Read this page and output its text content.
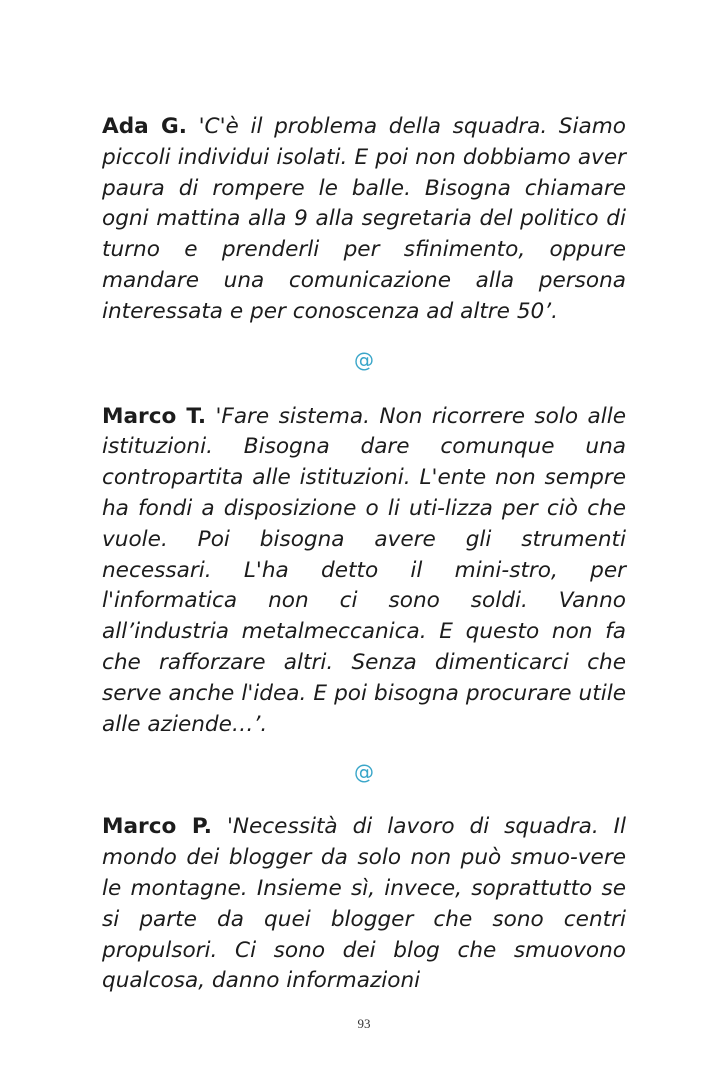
Ada G. 'C'è il problema della squadra. Siamo piccoli individui isolati. E poi non dobbiamo aver paura di rompere le balle. Bisogna chiamare ogni mattina alla 9 alla segretaria del politico di turno e prenderli per sfinimento, oppure mandare una comunicazione alla persona interessata e per conoscenza ad altre 50’.

@

Marco T. 'Fare sistema. Non ricorrere solo alle istituzioni. Bisogna dare comunque una contropartita alle istituzioni. L'ente non sempre ha fondi a disposizione o li uti-lizza per ciò che vuole. Poi bisogna avere gli strumenti necessari. L'ha detto il mini-stro, per l'informatica non ci sono soldi. Vanno all’industria metalmeccanica. E questo non fa che rafforzare altri. Senza dimenticarci che serve anche l'idea. E poi bisogna procurare utile alle aziende…’.

@

Marco P. 'Necessità di lavoro di squadra. Il mondo dei blogger da solo non può smuo-vere le montagne. Insieme sì, invece, soprattutto se si parte da quei blogger che sono centri propulsori. Ci sono dei blog che smuovono qualcosa, danno informazioni

93
